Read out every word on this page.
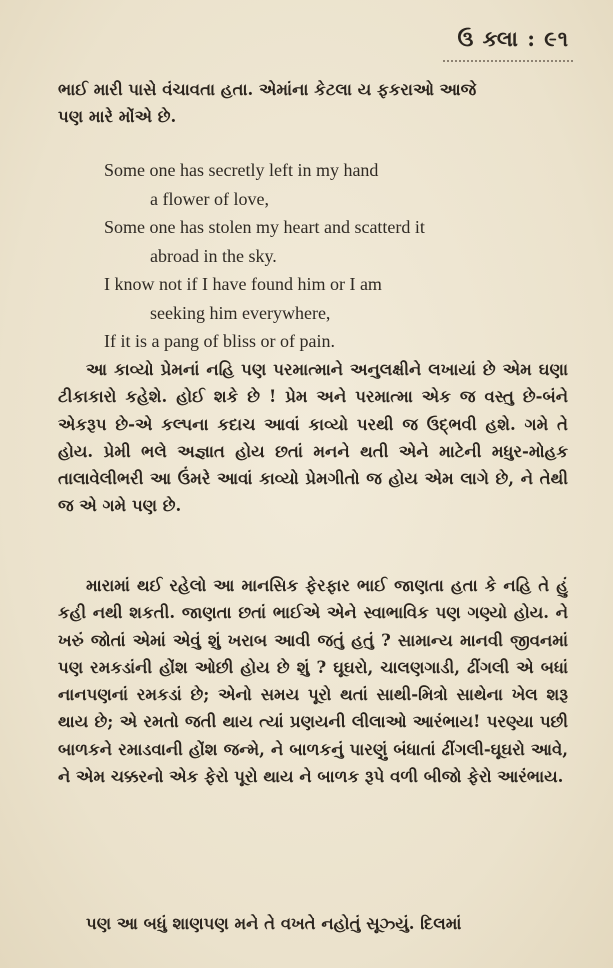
ઉ ક્લા : ૯૧

ભાઈ મારી પાસે વંચાવતા હતા. એમાંના કેટલા ય ફકરાઓ આજે

પણ મારે મોંએ છે.

Some one has secretly left in my hand
a flower of love,
Some one has stolen my heart and scatterd it
abroad in the sky.
I know not if I have found him or I am
seeking him everywhere,
If it is a pang of bliss or of pain.

આ કાવ્યો પ્રેમનાં નહિ પણ પરમાત્માને અનુલક્ષીને લખાયાં છે એમ ઘણા ટીકાકારો કહેશે. હોઈ શકે છે ! પ્રેમ અને પરમાત્મા એક જ વસ્તુ છે-બંને એકરૂપ છે-એ કલ્પના કદાચ આવાં કાવ્યો પરથી જ ઉદ્ભવી હશે. ગમે તે હોય. પ્રેમી ભલે અજ્ઞાત હોય છતાં મનને થતી એને માટેની મધુર-મોહક તાલાવેલીભરી આ ઉંમરે આવાં કાવ્યો પ્રેમગીતો જ હોય એમ લાગે છે, ને તેથી જ એ ગમે પણ છે.

મારામાં થઈ રહેલો આ માનસિક ફેરફાર ભાઈ જાણતા હતા કે નહિ તે હું કહી નથી શકતી. જાણતા છતાં ભાઈએ એને સ્વાભાવિક પણ ગણ્યો હોય. ને ખરું જોતાં એમાં એવું શું ખરાબ આવી જતું હતું ? સામાન્ય માનવી જીવનમાં પણ રમકડાંની હોંશ ઓછી હોય છે શું ? ઘૂઘરો, ચાલણગાડી, ઢીંગલી એ બધાં નાનપણનાં રમકડાં છે; એનો સમય પૂરો થતાં સાથી-મિત્રો સાથેના ખેલ શરૂ થાય છે; એ રમતો જતી થાય ત્યાં પ્રણયની લીલાઓ આરંભાય! પરણ્યા પછી બાળકને રમાડવાની હોંશ જન્મે, ને બાળકનું પારણું બંધાતાં ઢીંગલી-ઘૂઘરો આવે, ને એમ ચક્કરનો એક ફેરો પૂરો થાય ને બાળક રૂપે વળી બીજો ફેરો આરંભાય.

પણ આ બધું શાણપણ મને તે વખતે નહોતું સૂઝ્યું. દિલમાં
